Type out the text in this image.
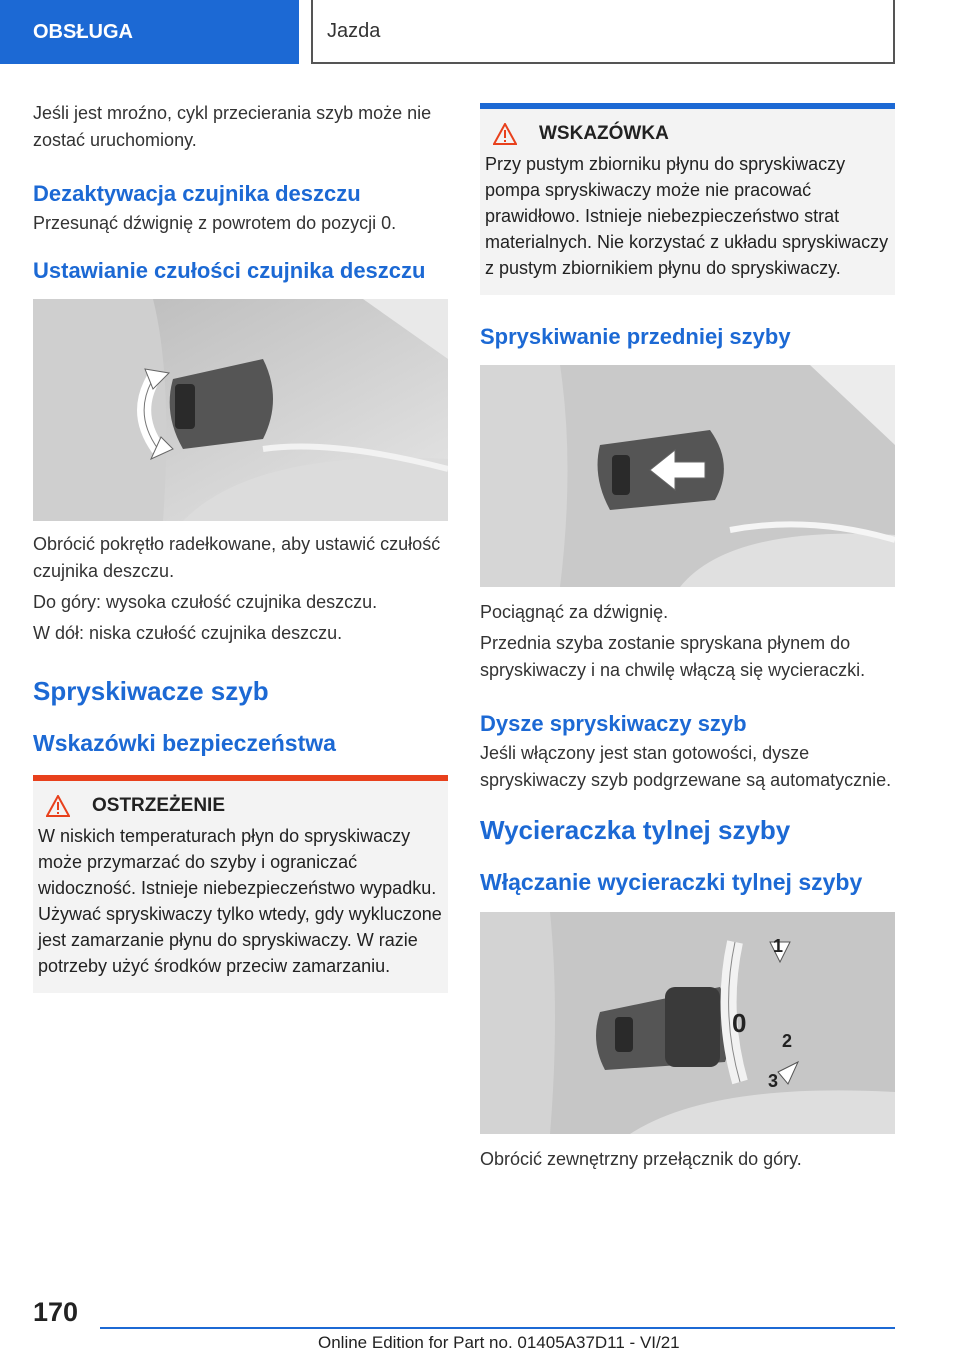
OBSŁUGA	Jazda

Jeśli jest mroźno, cykl przecierania szyb może nie zostać uruchomiony.

Dezaktywacja czujnika deszczu

Przesunąć dźwignię z powrotem do pozycji 0.

Ustawianie czułości czujnika deszczu

Obrócić pokrętło radełkowane, aby ustawić czułość czujnika deszczu.

Do góry: wysoka czułość czujnika deszczu.

W dół: niska czułość czujnika deszczu.

Spryskiwacze szyb
Wskazówki bezpieczeństwa
OSTRZEŻENIE

W niskich temperaturach płyn do spryskiwaczy może przymarzać do szyby i ograniczać widoczność. Istnieje niebezpieczeństwo wypadku. Używać spryskiwaczy tylko wtedy, gdy wykluczone jest zamarzanie płynu do spryskiwaczy. W razie potrzeby użyć środków przeciw zamarzaniu.

WSKAZÓWKA

Przy pustym zbiorniku płynu do spryskiwaczy pompa spryskiwaczy może nie pracować prawidłowo. Istnieje niebezpieczeństwo strat materialnych. Nie korzystać z układu spryskiwaczy z pustym zbiornikiem płynu do spryskiwaczy.

Spryskiwanie przedniej szyby

Pociągnąć za dźwignię.

Przednia szyba zostanie spryskana płynem do spryskiwaczy i na chwilę włączą się wycieraczki.

Dysze spryskiwaczy szyb

Jeśli włączony jest stan gotowości, dysze spryskiwaczy szyb podgrzewane są automatycznie.

Wycieraczka tylnej szyby
Włączanie wycieraczki tylnej szyby
0
1
2
3

Obrócić zewnętrzny przełącznik do góry.

170
Online Edition for Part no. 01405A37D11 - VI/21
